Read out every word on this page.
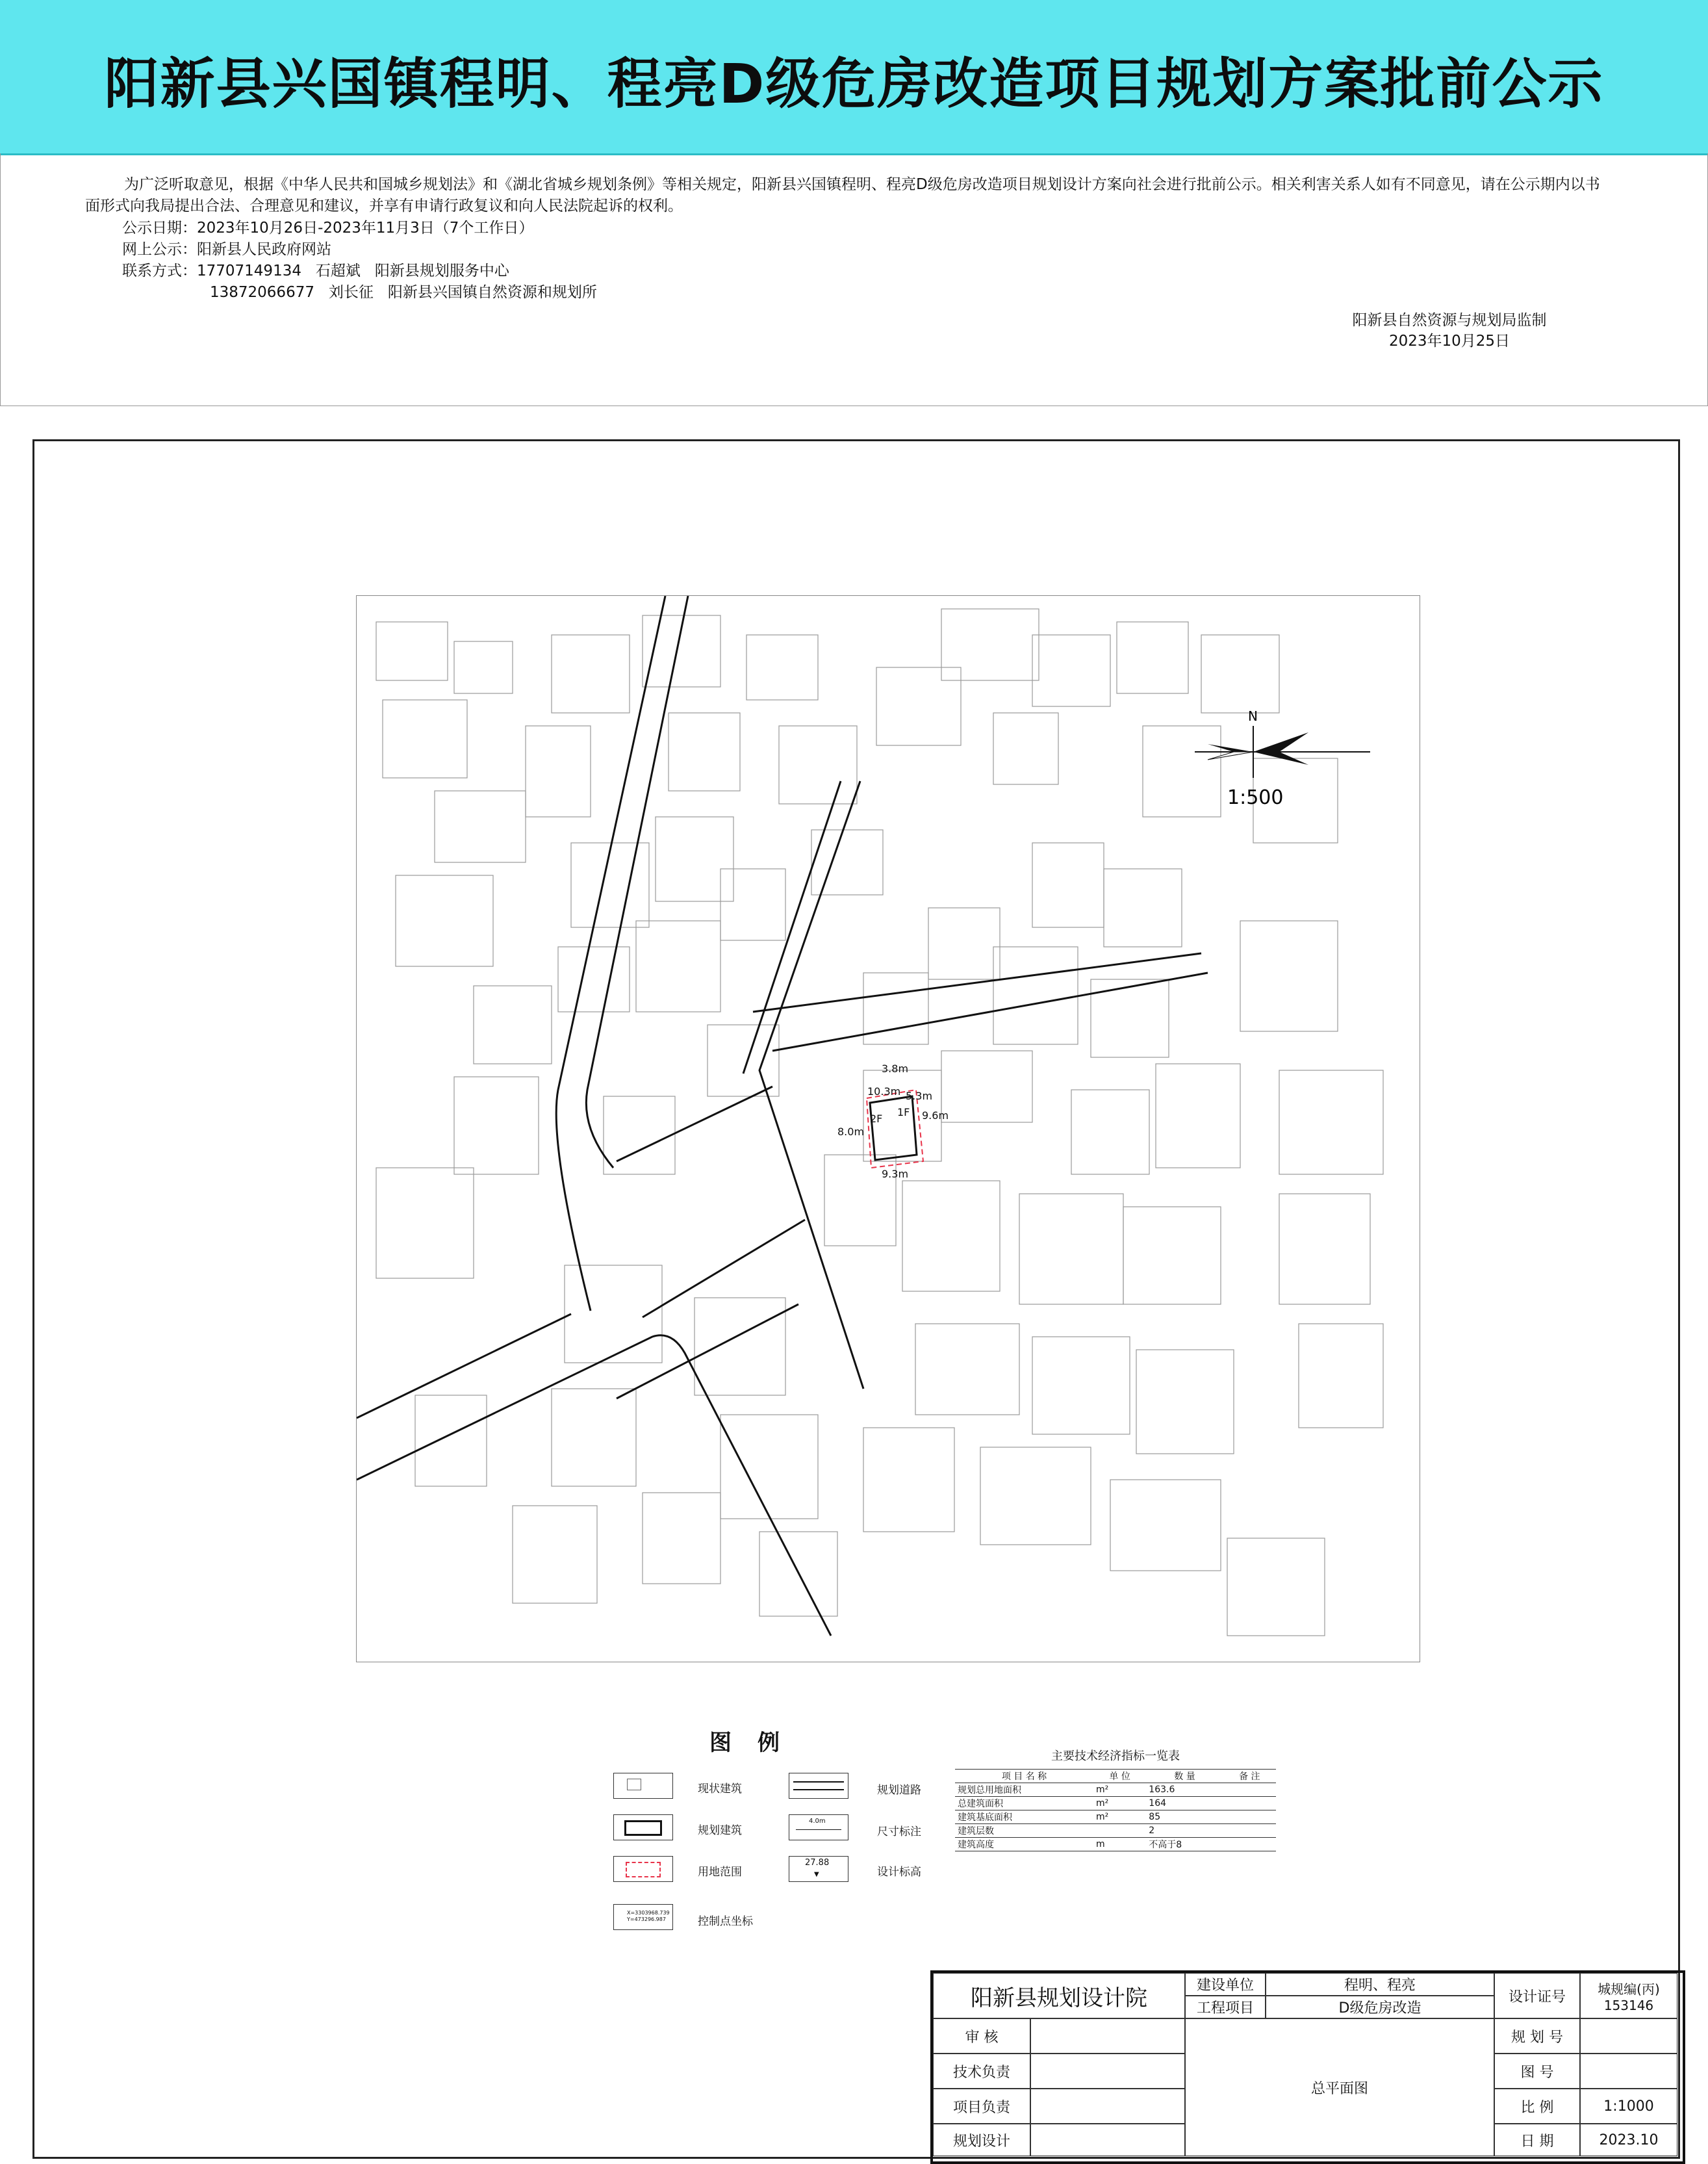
阳新县兴国镇程明、程亮D级危房改造项目规划方案批前公示
为广泛听取意见，根据《中华人民共和国城乡规划法》和《湖北省城乡规划条例》等相关规定，阳新县兴国镇程明、程亮D级危房改造项目规划设计方案向社会进行批前公示。相关利害关系人如有不同意见，请在公示期内以书面形式向我局提出合法、合理意见和建议，并享有申请行政复议和向人民法院起诉的权利。
公示日期：2023年10月26日-2023年11月3日（7个工作日）
网上公示：阳新县人民政府网站
联系方式：17707149134   石超斌   阳新县规划服务中心
13872066677   刘长征   阳新县兴国镇自然资源和规划所
阳新县自然资源与规划局监制
2023年10月25日
3.8m
10.3m
1F
2F
8.0m
9.3m
9.6m
5.3m
N
1:500
图例
现状建筑
规划建筑
用地范围
X=3303968.739
Y=473296.987	控制点坐标
规划道路
4.0m
尺寸标注
27.88
▼	设计标高
主要技术经济指标一览表
项 目 名 称	单 位	数 量	备 注
规划总用地面积	m²	163.6	
总建筑面积	m²	164	
建筑基底面积	m²	85	
建筑层数		2	
建筑高度	m	不高于8	
阳新县规划设计院	建设单位	程明、程亮
工程项目	D级危房改造
设计证号	城规编(丙)
153146
审 核
技术负责
项目负责
规划设计
总平面图
规 划 号
图 号
比 例	1:1000
日 期	2023.10
